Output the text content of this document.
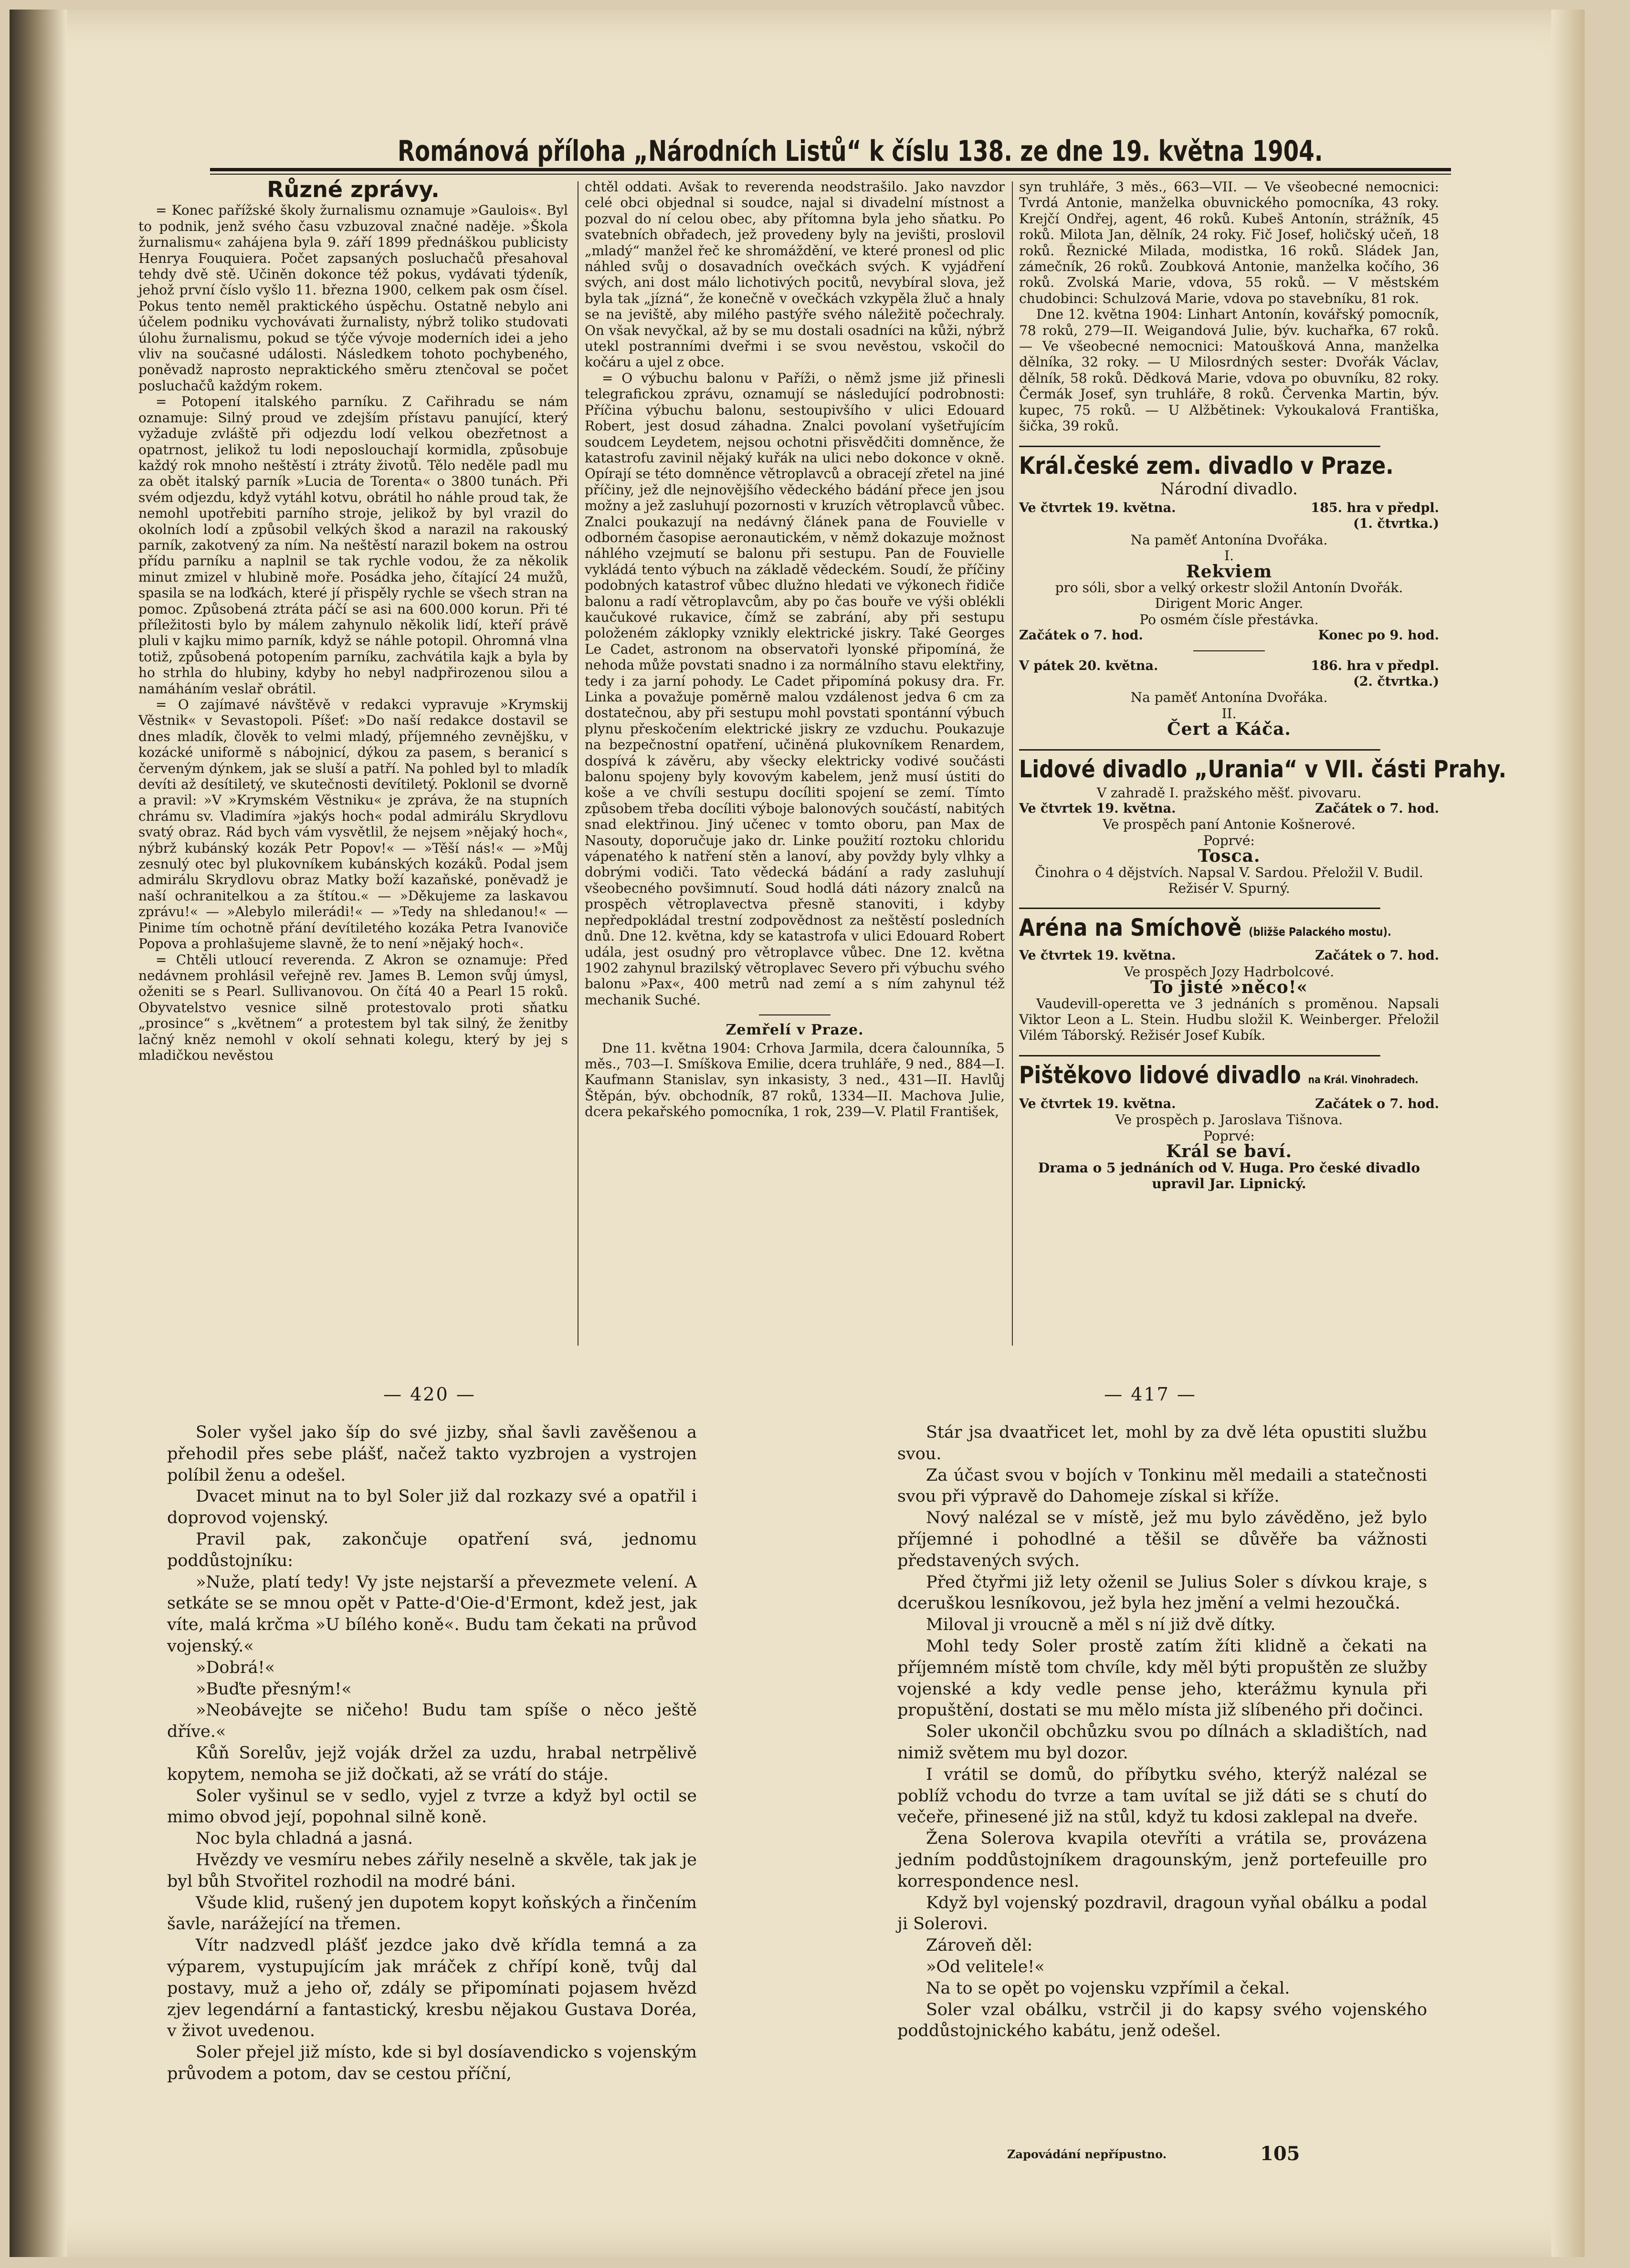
Románová příloha „Národních Listů“ k číslu 138. ze dne 19. května 1904.
Různé zprávy.

= Konec pařížské školy žurnalismu oznamuje »Gaulois«. Byl to podnik, jenž svého času vzbuzoval značné naděje. »Škola žurnalismu« zahájena byla 9. září 1899 přednáškou publicisty Henrya Fouquiera. Počet zapsaných posluchačů přesahoval tehdy dvě stě. Učiněn dokonce též pokus, vydávati týdeník, jehož první číslo vyšlo 11. března 1900, celkem pak osm čísel. Pokus tento neměl praktického úspěchu. Ostatně nebylo ani účelem podniku vychovávati žurnalisty, nýbrž toliko studovati úlohu žurnalismu, pokud se týče vývoje moderních idei a jeho vliv na současné události. Následkem tohoto pochybeného, poněvadž naprosto nepraktického směru ztenčoval se počet posluchačů každým rokem.

= Potopení italského parníku. Z Cařihradu se nám oznamuje: Silný proud ve zdejším přístavu panující, který vyžaduje zvláště při odjezdu lodí velkou obezřetnost a opatrnost, jelikož tu lodi neposlouchají kormidla, způsobuje každý rok mnoho neštěstí i ztráty životů. Tělo neděle padl mu za obět italský parník »Lucia de Torenta« o 3800 tunách. Při svém odjezdu, když vytáhl kotvu, obrátil ho náhle proud tak, že nemohl upotřebiti parního stroje, jelikož by byl vrazil do okolních lodí a způsobil velkých škod a narazil na rakouský parník, zakotvený za ním. Na neštěstí narazil bokem na ostrou přídu parníku a naplnil se tak rychle vodou, že za několik minut zmizel v hlubině moře. Posádka jeho, čítající 24 mužů, spasila se na loďkách, které jí přispěly rychle se všech stran na pomoc. Způsobená ztráta páčí se asi na 600.000 korun. Při té příležitosti bylo by málem zahynulo několik lidí, kteří právě pluli v kajku mimo parník, když se náhle potopil. Ohromná vlna totiž, způsobená potopením parníku, zachvátila kajk a byla by ho strhla do hlubiny, kdyby ho nebyl nadpřirozenou silou a namáháním veslař obrátil.

= O zajímavé návštěvě v redakci vypravuje »Krymskij Věstnik« v Sevastopoli. Píšeť: »Do naší redakce dostavil se dnes mladík, člověk to velmi mladý, příjemného zevnějšku, v kozácké uniformě s nábojnicí, dýkou za pasem, s beranicí s červeným dýnkem, jak se sluší a patří. Na pohled byl to mladík devíti až desítiletý, ve skutečnosti devítiletý. Poklonil se dvorně a pravil: »V »Krymském Věstniku« je zpráva, že na stupních chrámu sv. Vladimíra »jakýs hoch« podal admirálu Skrydlovu svatý obraz. Rád bych vám vysvětlil, že nejsem »nějaký hoch«, nýbrž kubánský kozák Petr Popov!« — »Těší nás!« — »Můj zesnulý otec byl plukovníkem kubánských kozáků. Podal jsem admirálu Skrydlovu obraz Matky boží kazaňské, poněvadž je naší ochranitelkou a za štítou.« — »Děkujeme za laskavou zprávu!« — »Alebylo milerádi!« — »Tedy na shledanou!« — Pinime tím ochotně přání devítiletého kozáka Petra Ivanoviče Popova a prohlašujeme slavně, že to není »nějaký hoch«.

= Chtěli utloucí reverenda. Z Akron se oznamuje: Před nedávnem prohlásil veřejně rev. James B. Lemon svůj úmysl, oženiti se s Pearl. Sullivanovou. On čítá 40 a Pearl 15 roků. Obyvatelstvo vesnice silně protestovalo proti sňatku „prosince“ s „květnem“ a protestem byl tak silný, že ženitby lačný kněz nemohl v okolí sehnati kolegu, který by jej s mladičkou nevěstou

chtěl oddati. Avšak to reverenda neodstrašilo. Jako navzdor celé obci objednal si soudce, najal si divadelní místnost a pozval do ní celou obec, aby přítomna byla jeho sňatku. Po svatebních obřadech, jež provedeny byly na jevišti, proslovil „mladý“ manžel řeč ke shromáždění, ve které pronesl od plic náhled svůj o dosavadních ovečkách svých. K vyjádření svých, ani dost málo lichotivých pocitů, nevybíral slova, jež byla tak „jízná“, že konečně v ovečkách vzkypěla žluč a hnaly se na jeviště, aby milého pastýře svého náležitě počechraly. On však nevyčkal, až by se mu dostali osadníci na kůži, nýbrž utekl postranními dveřmi i se svou nevěstou, vskočil do kočáru a ujel z obce.

= O výbuchu balonu v Paříži, o němž jsme již přinesli telegrafickou zprávu, oznamují se následující podrobnosti: Příčina výbuchu balonu, sestoupivšího v ulici Edouard Robert, jest dosud záhadna. Znalci povolaní vyšetřujícím soudcem Leydetem, nejsou ochotni přisvědčiti domněnce, že katastrofu zavinil nějaký kuřák na ulici nebo dokonce v okně. Opírají se této domněnce větroplavců a obracejí zřetel na jiné příčiny, jež dle nejnovějšího vědeckého bádání přece jen jsou možny a jež zasluhují pozornosti v kruzích větroplavců vůbec. Znalci poukazují na nedávný článek pana de Fouvielle v odborném časopise aeronautickém, v němž dokazuje možnost náhlého vzejmutí se balonu při sestupu. Pan de Fouvielle vykládá tento výbuch na základě vědeckém. Soudí, že příčiny podobných katastrof vůbec dlužno hledati ve výkonech řidiče balonu a radí větroplavcům, aby po čas bouře ve výši oblékli kaučukové rukavice, čímž se zabrání, aby při sestupu položeném záklopky vznikly elektrické jiskry. Také Georges Le Cadet, astronom na observatoři lyonské připomíná, že nehoda může povstati snadno i za normálního stavu elektřiny, tedy i za jarní pohody. Le Cadet připomíná pokusy dra. Fr. Linka a považuje poměrně malou vzdálenost jedva 6 cm za dostatečnou, aby při sestupu mohl povstati spontánní výbuch plynu přeskočením elektrické jiskry ze vzduchu. Poukazuje na bezpečnostní opatření, učiněná plukovníkem Renardem, dospívá k závěru, aby všecky elektricky vodivé součásti balonu spojeny byly kovovým kabelem, jenž musí ústiti do koše a ve chvíli sestupu docíliti spojení se zemí. Tímto způsobem třeba docíliti výboje balonových součástí, nabitých snad elektřinou. Jiný učenec v tomto oboru, pan Max de Nasouty, doporučuje jako dr. Linke použití roztoku chloridu vápenatého k natření stěn a lanoví, aby povždy byly vlhky a dobrými vodiči. Tato vědecká bádání a rady zasluhují všeobecného povšimnutí. Soud hodlá dáti názory znalců na prospěch větroplavectva přesně stanoviti, i kdyby nepředpokládal trestní zodpovědnost za neštěstí posledních dnů. Dne 12. května, kdy se katastrofa v ulici Edouard Robert udála, jest osudný pro větroplavce vůbec. Dne 12. května 1902 zahynul brazilský větroplavec Severo při výbuchu svého balonu »Pax«, 400 metrů nad zemí a s ním zahynul též mechanik Suché.

Zemřelí v Praze.

Dne 11. května 1904: Crhova Jarmila, dcera čalounníka, 5 měs., 703—I. Smíškova Emilie, dcera truhláře, 9 ned., 884—I. Kaufmann Stanislav, syn inkasisty, 3 ned., 431—II. Havlůj Štěpán, býv. obchodník, 87 roků, 1334—II. Machova Julie, dcera pekařského pomocníka, 1 rok, 239—V. Platil František,

syn truhláře, 3 měs., 663—VII. — Ve všeobecné nemocnici: Tvrdá Antonie, manželka obuvnického pomocníka, 43 roky. Krejčí Ondřej, agent, 46 roků. Kubeš Antonín, strážník, 45 roků. Milota Jan, dělník, 24 roky. Fič Josef, holičský učeň, 18 roků. Řeznické Milada, modistka, 16 roků. Sládek Jan, zámečník, 26 roků. Zoubková Antonie, manželka kočího, 36 roků. Zvolská Marie, vdova, 55 roků. — V městském chudobinci: Schulzová Marie, vdova po stavebníku, 81 rok.

Dne 12. května 1904: Linhart Antonín, kovářský pomocník, 78 roků, 279—II. Weigandová Julie, býv. kuchařka, 67 roků. — Ve všeobecné nemocnici: Matoušková Anna, manželka dělníka, 32 roky. — U Milosrdných sester: Dvořák Václav, dělník, 58 roků. Dědková Marie, vdova po obuvníku, 82 roky. Čermák Josef, syn truhláře, 8 roků. Červenka Martin, býv. kupec, 75 roků. — U Alžbětinek: Vykoukalová Františka, šička, 39 roků.

Král.české zem. divadlo v Praze.
Národní divadlo.
Ve čtvrtek 19. května.	185. hra v předpl.
(1. čtvrtka.)
Na paměť Antonína Dvořáka.
I.
Rekviem
pro sóli, sbor a velký orkestr složil Antonín Dvořák.
Dirigent Moric Anger.
Po osmém čísle přestávka.
Začátek o 7. hod.	Konec po 9. hod.
V pátek 20. května.	186. hra v předpl.
(2. čtvrtka.)
Na paměť Antonína Dvořáka.
II.
Čert a Káča.
Lidové divadlo „Urania“ v VII. části Prahy.
V zahradě I. pražského měšť. pivovaru.
Ve čtvrtek 19. května.	Začátek o 7. hod.
Ve prospěch paní Antonie Košnerové.
Poprvé:
Tosca.
Činohra o 4 dějstvích. Napsal V. Sardou. Přeložil V. Budil. Režisér V. Spurný.
Aréna na Smíchově (bližše Palackého mostu).
Ve čtvrtek 19. května.	Začátek o 7. hod.
Ve prospěch Jozy Hadrbolcové.
To jisté »něco!«

Vaudevill-operetta ve 3 jednáních s proměnou. Napsali Viktor Leon a L. Stein. Hudbu složil K. Weinberger. Přeložil Vilém Táborský. Režisér Josef Kubík.

Pištěkovo lidové divadlo na Král. Vinohradech.
Ve čtvrtek 19. května.	Začátek o 7. hod.
Ve prospěch p. Jaroslava Tišnova.
Poprvé:
Král se baví.
Drama o 5 jednáních od V. Huga. Pro české divadlo upravil Jar. Lipnický.
— 420 —

Soler vyšel jako šíp do své jizby, sňal šavli zavěšenou a přehodil přes sebe plášť, načež takto vyzbrojen a vystrojen políbil ženu a odešel.

Dvacet minut na to byl Soler již dal rozkazy své a opatřil i doprovod vojenský.

Pravil pak, zakončuje opatření svá, jednomu poddůstojníku:

»Nuže, platí tedy! Vy jste nejstarší a převezmete velení. A setkáte se se mnou opět v Patte-d'Oie-d'Ermont, kdež jest, jak víte, malá krčma »U bílého koně«. Budu tam čekati na průvod vojenský.«

»Dobrá!«

»Buďte přesným!«

»Neobávejte se ničeho! Budu tam spíše o něco ještě dříve.«

Kůň Sorelův, jejž voják držel za uzdu, hrabal netrpělivě kopytem, nemoha se již dočkati, až se vrátí do stáje.

Soler vyšinul se v sedlo, vyjel z tvrze a když byl octil se mimo obvod její, popohnal silně koně.

Noc byla chladná a jasná.

Hvězdy ve vesmíru nebes zářily neselně a skvěle, tak jak je byl bůh Stvořitel rozhodil na modré báni.

Všude klid, rušený jen dupotem kopyt koňských a řinčením šavle, narážející na třemen.

Vítr nadzvedl plášť jezdce jako dvě křídla temná a za výparem, vystupujícím jak mráček z chřípí koně, tvůj dal postavy, muž a jeho oř, zdály se připomínati pojasem hvězd zjev legendární a fantastický, kresbu nějakou Gustava Doréa, v život uvedenou.

Soler přejel již místo, kde si byl dosíavendicko s vojenským průvodem a potom, dav se cestou příční,

— 417 —

Stár jsa dvaatřicet let, mohl by za dvě léta opustiti službu svou.

Za účast svou v bojích v Tonkinu měl medaili a statečnosti svou při výpravě do Dahomeje získal si kříže.

Nový nalézal se v místě, jež mu bylo závěděno, jež bylo příjemné i pohodlné a těšil se důvěře ba vážnosti představených svých.

Před čtyřmi již lety oženil se Julius Soler s dívkou kraje, s dceruškou lesníkovou, jež byla hez jmění a velmi hezoučká.

Miloval ji vroucně a měl s ní již dvě dítky.

Mohl tedy Soler prostě zatím žíti klidně a čekati na příjemném místě tom chvíle, kdy měl býti propuštěn ze služby vojenské a kdy vedle pense jeho, kterážmu kynula při propuštění, dostati se mu mělo místa již slíbeného při dočinci.

Soler ukončil obchůzku svou po dílnách a skladištích, nad nimiž světem mu byl dozor.

I vrátil se domů, do příbytku svého, kterýž nalézal se poblíž vchodu do tvrze a tam uvítal se již dáti se s chutí do večeře, přinesené již na stůl, když tu kdosi zaklepal na dveře.

Žena Solerova kvapila otevříti a vrátila se, provázena jedním poddůstojníkem dragounským, jenž portefeuille pro korrespondence nesl.

Když byl vojenský pozdravil, dragoun vyňal obálku a podal ji Solerovi.

Zároveň děl:

»Od velitele!«

Na to se opět po vojensku vzpřímil a čekal.

Soler vzal obálku, vstrčil ji do kapsy svého vojenského poddůstojnického kabátu, jenž odešel.

Zapovádání nepřípustno.	105
